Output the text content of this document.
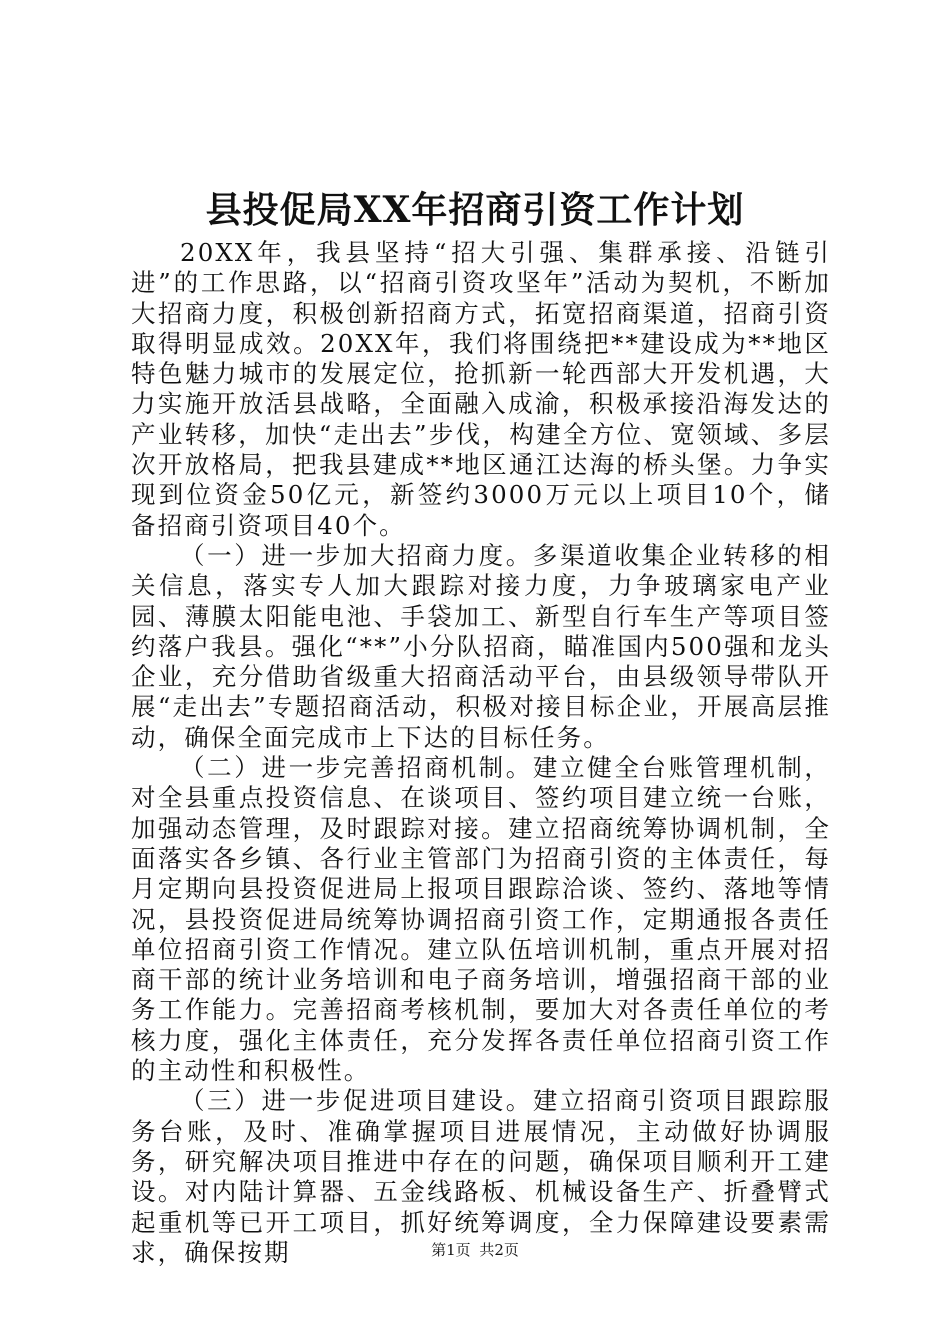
县投促局XX年招商引资工作计划

20XX年，我县坚持“招大引强、集群承接、沿链引进”的工作思路，以“招商引资攻坚年”活动为契机，不断加大招商力度，积极创新招商方式，拓宽招商渠道，招商引资取得明显成效。20XX年，我们将围绕把**建设成为**地区特色魅力城市的发展定位，抢抓新一轮西部大开发机遇，大力实施开放活县战略，全面融入成渝，积极承接沿海发达的产业转移，加快“走出去”步伐，构建全方位、宽领域、多层次开放格局，把我县建成**地区通江达海的桥头堡。力争实现到位资金50亿元，新签约3000万元以上项目10个，储备招商引资项目40个。

（一）进一步加大招商力度。多渠道收集企业转移的相关信息，落实专人加大跟踪对接力度，力争玻璃家电产业园、薄膜太阳能电池、手袋加工、新型自行车生产等项目签约落户我县。强化“**”小分队招商，瞄准国内500强和龙头企业，充分借助省级重大招商活动平台，由县级领导带队开展“走出去”专题招商活动，积极对接目标企业，开展高层推动，确保全面完成市上下达的目标任务。

（二）进一步完善招商机制。建立健全台账管理机制，对全县重点投资信息、在谈项目、签约项目建立统一台账，加强动态管理，及时跟踪对接。建立招商统筹协调机制，全面落实各乡镇、各行业主管部门为招商引资的主体责任，每月定期向县投资促进局上报项目跟踪洽谈、签约、落地等情况，县投资促进局统筹协调招商引资工作，定期通报各责任单位招商引资工作情况。建立队伍培训机制，重点开展对招商干部的统计业务培训和电子商务培训，增强招商干部的业务工作能力。完善招商考核机制，要加大对各责任单位的考核力度，强化主体责任，充分发挥各责任单位招商引资工作的主动性和积极性。

（三）进一步促进项目建设。建立招商引资项目跟踪服务台账，及时、准确掌握项目进展情况，主动做好协调服务，研究解决项目推进中存在的问题，确保项目顺利开工建设。对内陆计算器、五金线路板、机械设备生产、折叠臂式起重机等已开工项目，抓好统筹调度，全力保障建设要素需求，确保按期	第1页 共2页
